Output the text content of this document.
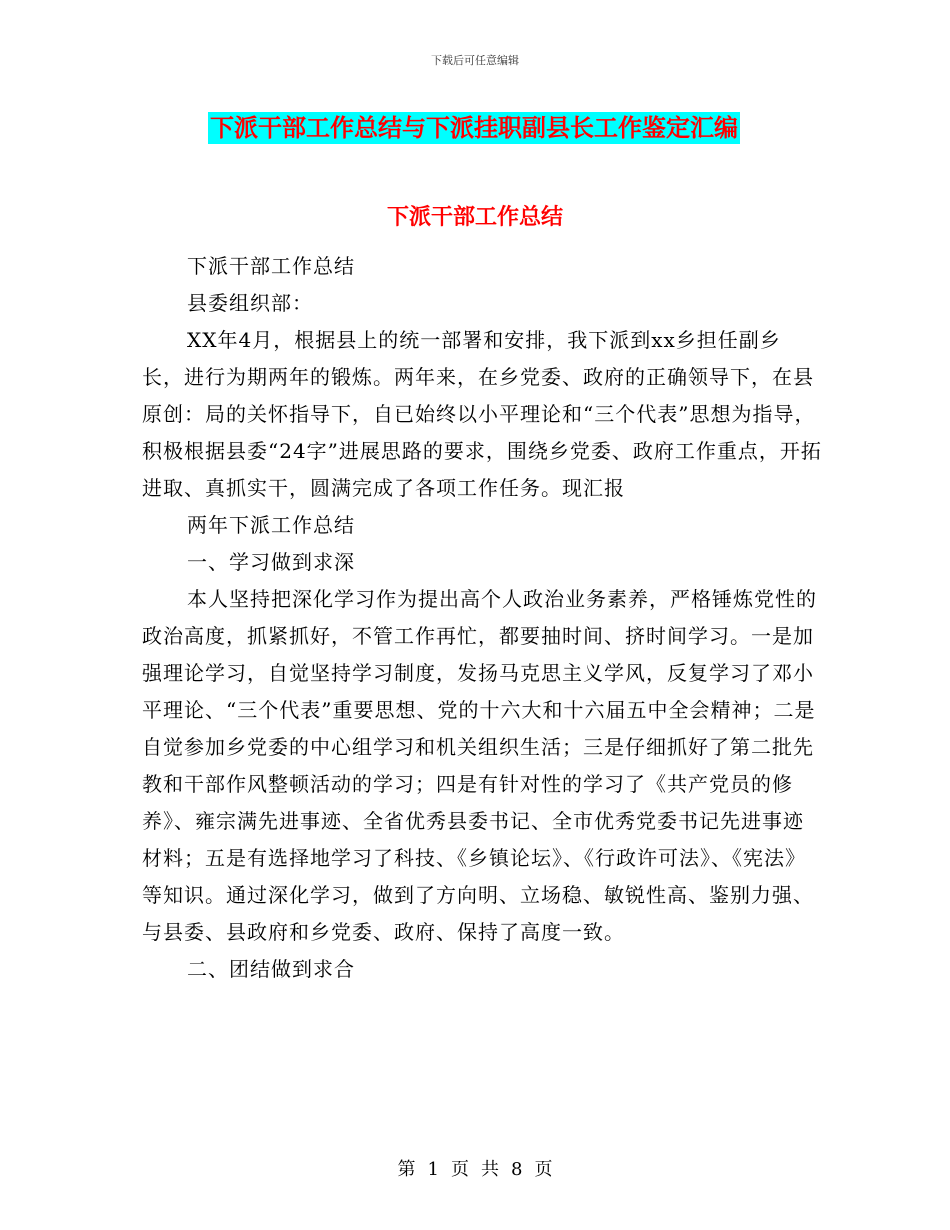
下载后可任意编辑
下派干部工作总结与下派挂职副县长工作鉴定汇编
下派干部工作总结

下派干部工作总结

县委组织部：

XX年4月，根据县上的统一部署和安排，我下派到xx乡担任副乡长，进行为期两年的锻炼。两年来，在乡党委、政府的正确领导下，在县原创：局的关怀指导下，自已始终以小平理论和“三个代表”思想为指导，积极根据县委“24字”进展思路的要求，围绕乡党委、政府工作重点，开拓进取、真抓实干，圆满完成了各项工作任务。现汇报

两年下派工作总结

一、学习做到求深

本人坚持把深化学习作为提出高个人政治业务素养，严格锤炼党性的政治高度，抓紧抓好，不管工作再忙，都要抽时间、挤时间学习。一是加强理论学习，自觉坚持学习制度，发扬马克思主义学风，反复学习了邓小平理论、“三个代表”重要思想、党的十六大和十六届五中全会精神；二是自觉参加乡党委的中心组学习和机关组织生活；三是仔细抓好了第二批先教和干部作风整顿活动的学习；四是有针对性的学习了《共产党员的修养》、雍宗满先进事迹、全省优秀县委书记、全市优秀党委书记先进事迹材料；五是有选择地学习了科技、《乡镇论坛》、《行政许可法》、《宪法》等知识。通过深化学习，做到了方向明、立场稳、敏锐性高、鉴别力强、与县委、县政府和乡党委、政府、保持了高度一致。

二、团结做到求合

第 1 页 共 8 页
